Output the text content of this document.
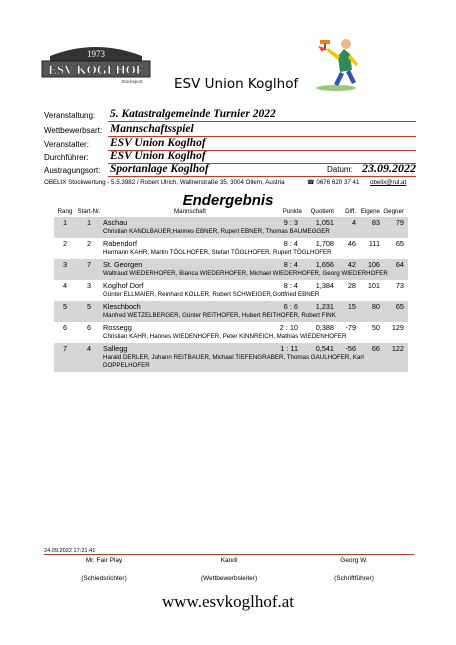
1973
ESV KOGLHOF
Stocksport ESV Union Koglhof
Veranstaltung: 5. Katastralgemeinde Turnier 2022
Wettbewerbsart: Mannschaftsspiel
Veranstalter: ESV Union Koglhof
Durchführer: ESV Union Koglhof
Austragungsort: Sportanlage Koglhof	Datum: 23.09.2022
OBELIX Stockwertung - 5.5.3982 / Robert Ulrich, Wallnerstraße 35, 3004 Ollern, Austria	☎ 0676 620 37 41 obelix@rul.at
Endergebnis
Rang Start-Nr.	Mannschaft	Punkte	Quotient	Diff. Eigene Gegner
1	1	Aschau	9 : 3	1,051	4	83	79
Christian KANDLBAUER,Hannes EBNER, Rupert EBNER, Thomas BAUMEGGER
2	2	Rabendorf	8 : 4	1,708	46	111	65
Hermann KAHR, Martin TÖGLHOFER, Stefan TÖGLHOFER, Rupert TÖGLHOFER
3	7	St. Georgen	8 : 4	1,656	42	106	64
Waltraud WIEDERHOFER, Bianca WIEDERHOFER, Michael WIEDERHOFER, Georg WIEDERHOFER
4	3	Koglhof Dorf	8 : 4	1,384	28	101	73
Günter ELLMAIER, Reinhard KOLLER, Robert SCHWEIGER,Gottfried EBNER
5	5	Kleschboch	6 : 6	1,231	15	80	65
Manfred WETZELBERGER, Günter REITHOFER, Hubert REITHOFER, Robert FINK
6	6	Rossegg	2 : 10	0,388	-79	50	129
Christian KAHR, Hannes WIEDENHOFER, Peter KINNREICH, Mathias WIEDENHOFER
7	4	Sallegg	1 : 11	0,541	-56	66	122
Harald DERLER, Johann REITBAUER, Michael TIEFENGRABER, Thomas GAULHOFER, Karl DOPPELHOFER
24.09.2022 17:21:41
Mr. Fair Play	Kandi	Georg W.
(Schiedsrichter)	(Wettbewerbsleiter)	(Schriftführer)
www.esvkoglhof.at
